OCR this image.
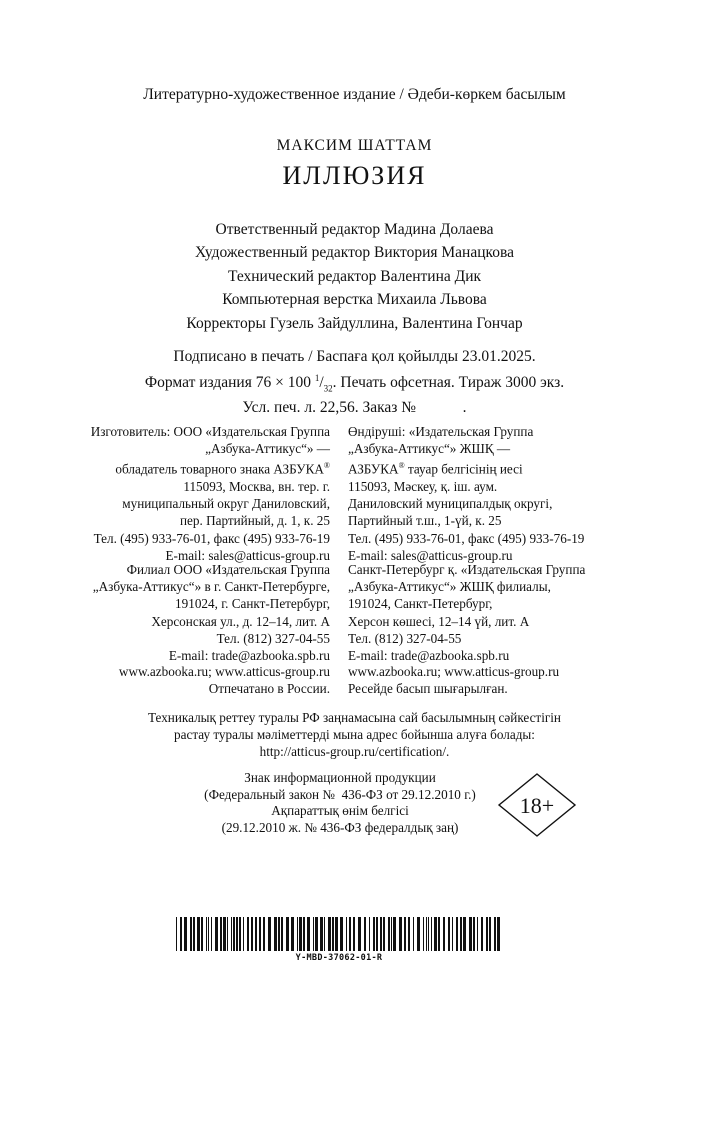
Литературно-художественное издание / Әдеби-көркем басылым
МАКСИМ ШАТТАМ
ИЛЛЮЗИЯ
Ответственный редактор Мадина Долаева
Художественный редактор Виктория Манацкова
Технический редактор Валентина Дик
Компьютерная верстка Михаила Львова
Корректоры Гузель Зайдуллина, Валентина Гончар
Подписано в печать / Баспаға қол қойылды 23.01.2025.
Формат издания 76 × 100 $^1/_{32}$. Печать офсетная. Тираж 3000 экз.
Усл. печ. л. 22,56. Заказ №            .
Изготовитель: ООО «Издательская Группа
„Азбука-Аттикус“» —
обладатель товарного знака АЗБУКА®
115093, Москва, вн. тер. г.
муниципальный округ Даниловский,
пер. Партийный, д. 1, к. 25
Тел. (495) 933-76-01, факс (495) 933-76-19
E-mail: sales@atticus-group.ru
Өндіруші: «Издательская Группа
„Азбука-Аттикус“» ЖШҚ —
АЗБУКА® тауар белгісінің иесі
115093, Мәскеу, қ. іш. аум.
Даниловский муниципалдық округі,
Партийный т.ш., 1-үй, к. 25
Тел. (495) 933-76-01, факс (495) 933-76-19
E-mail: sales@atticus-group.ru
Филиал ООО «Издательская Группа
„Азбука-Аттикус“» в г. Санкт-Петербурге,
191024, г. Санкт-Петербург,
Херсонская ул., д. 12–14, лит. А
Тел. (812) 327-04-55
E-mail: trade@azbooka.spb.ru
Санкт-Петербург қ. «Издательская Группа
„Азбука-Аттикус“» ЖШҚ филиалы,
191024, Санкт-Петербург,
Херсон көшесі, 12–14 үй, лит. А
Тел. (812) 327-04-55
E-mail: trade@azbooka.spb.ru
www.azbooka.ru; www.atticus-group.ru
Отпечатано в России.
www.azbooka.ru; www.atticus-group.ru
Ресейде басып шығарылған.
Техникалық реттеу туралы РФ заңнамасына сай басылымның сәйкестігін
растау туралы мәліметтерді мына адрес бойынша алуға болады:
http://atticus-group.ru/certification/.
Знак информационной продукции
(Федеральный закон №  436-ФЗ от 29.12.2010 г.)
Ақпараттық өнім белгісі
(29.12.2010 ж. № 436-ФЗ федералдық заң)
18+
Y-MBD-37062-01-R
